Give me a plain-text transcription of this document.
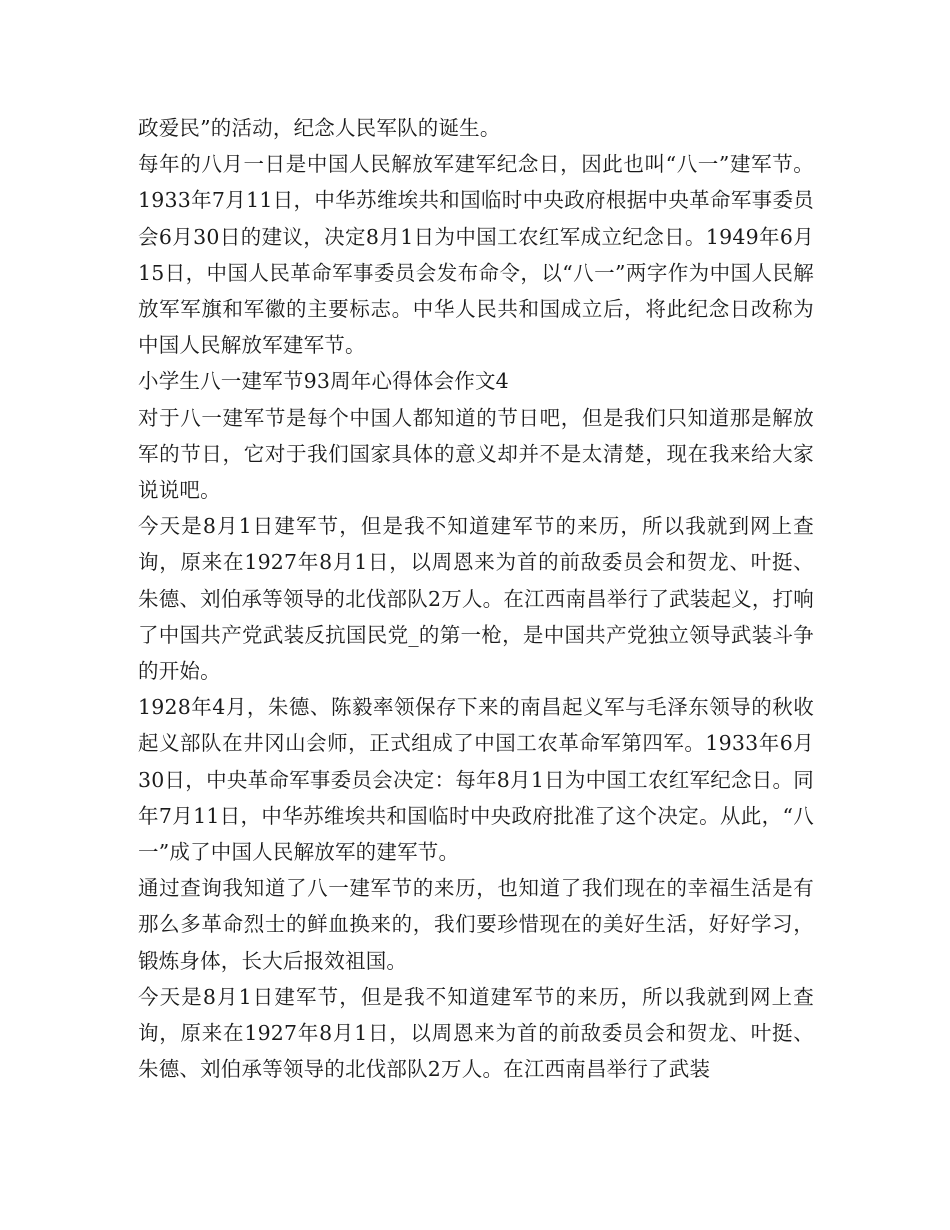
政爱民”的活动，纪念人民军队的诞生。

每年的八月一日是中国人民解放军建军纪念日，因此也叫“八一”建军节。1933年7月11日，中华苏维埃共和国临时中央政府根据中央革命军事委员会6月30日的建议，决定8月1日为中国工农红军成立纪念日。1949年6月15日，中国人民革命军事委员会发布命令，以“八一”两字作为中国人民解放军军旗和军徽的主要标志。中华人民共和国成立后，将此纪念日改称为中国人民解放军建军节。

小学生八一建军节93周年心得体会作文4

对于八一建军节是每个中国人都知道的节日吧，但是我们只知道那是解放军的节日，它对于我们国家具体的意义却并不是太清楚，现在我来给大家说说吧。

今天是8月1日建军节，但是我不知道建军节的来历，所以我就到网上查询，原来在1927年8月1日，以周恩来为首的前敌委员会和贺龙、叶挺、朱德、刘伯承等领导的北伐部队2万人。在江西南昌举行了武装起义，打响了中国共产党武装反抗国民党_的第一枪，是中国共产党独立领导武装斗争的开始。

1928年4月，朱德、陈毅率领保存下来的南昌起义军与毛泽东领导的秋收起义部队在井冈山会师，正式组成了中国工农革命军第四军。1933年6月30日，中央革命军事委员会决定：每年8月1日为中国工农红军纪念日。同年7月11日，中华苏维埃共和国临时中央政府批准了这个决定。从此，“八一”成了中国人民解放军的建军节。

通过查询我知道了八一建军节的来历，也知道了我们现在的幸福生活是有那么多革命烈士的鲜血换来的，我们要珍惜现在的美好生活，好好学习，锻炼身体，长大后报效祖国。

今天是8月1日建军节，但是我不知道建军节的来历，所以我就到网上查询，原来在1927年8月1日，以周恩来为首的前敌委员会和贺龙、叶挺、朱德、刘伯承等领导的北伐部队2万人。在江西南昌举行了武装
